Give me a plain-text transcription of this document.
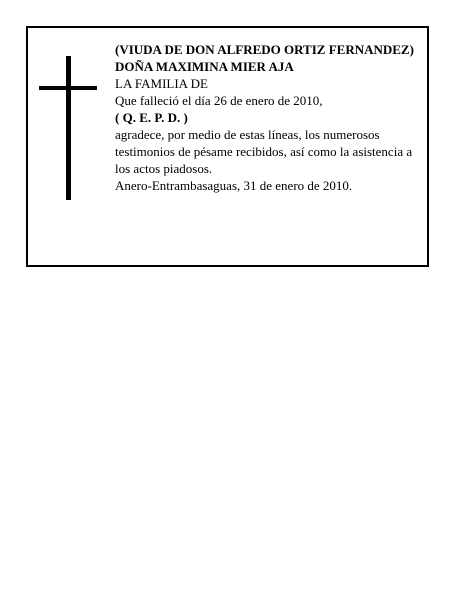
(VIUDA DE DON ALFREDO ORTIZ FERNANDEZ)
DOÑA MAXIMINA MIER AJA
LA FAMILIA DE
Que falleció el día 26 de enero de 2010,
( Q. E. P. D. )
agradece, por medio de estas líneas, los numerosos testimonios de pésame recibidos, así como la asistencia a los actos piadosos.
Anero-Entrambasaguas, 31 de enero de 2010.
